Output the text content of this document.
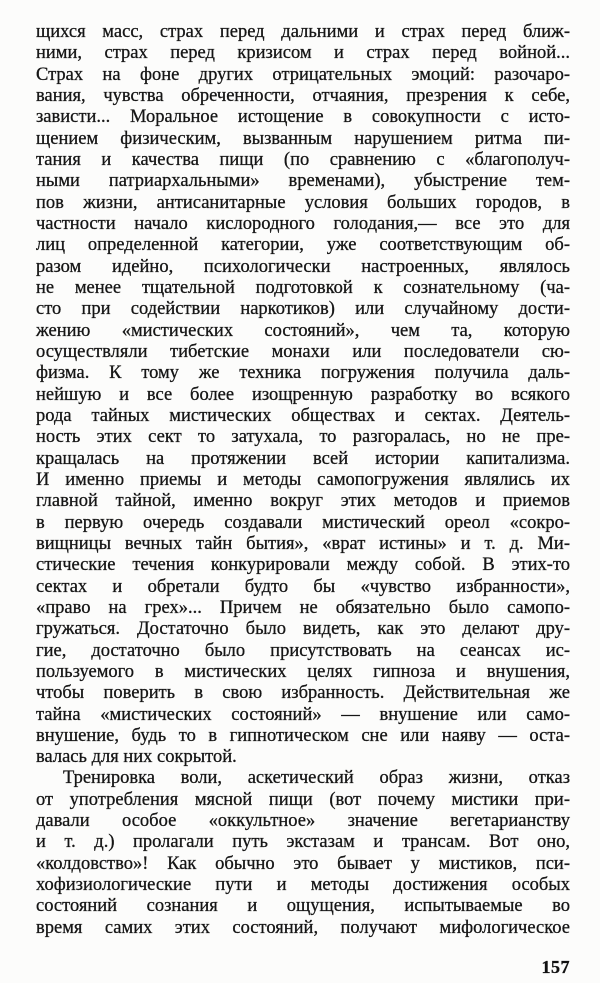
щихся масс, страх перед дальними и страх перед ближ-
ними, страх перед кризисом и страх перед войной...
Страх на фоне других отрицательных эмоций: разочаро-
вания, чувства обреченности, отчаяния, презрения к себе,
зависти... Моральное истощение в совокупности с исто-
щением физическим, вызванным нарушением ритма пи-
тания и качества пищи (по сравнению с «благополуч-
ными патриархальными» временами), убыстрение тем-
пов жизни, антисанитарные условия больших городов, в
частности начало кислородного голодания,— все это для
лиц определенной категории, уже соответствующим об-
разом идейно, психологически настроенных, являлось
не менее тщательной подготовкой к сознательному (ча-
сто при содействии наркотиков) или случайному дости-
жению «мистических состояний», чем та, которую
осуществляли тибетские монахи или последователи сю-
физма. К тому же техника погружения получила даль-
нейшую и все более изощренную разработку во всякого
рода тайных мистических обществах и сектах. Деятель-
ность этих сект то затухала, то разгоралась, но не пре-
кращалась на протяжении всей истории капитализма.
И именно приемы и методы самопогружения являлись их
главной тайной, именно вокруг этих методов и приемов
в первую очередь создавали мистический ореол «сокро-
вищницы вечных тайн бытия», «врат истины» и т. д. Ми-
стические течения конкурировали между собой. В этих-то
сектах и обретали будто бы «чувство избранности»,
«право на грех»... Причем не обязательно было самопо-
гружаться. Достаточно было видеть, как это делают дру-
гие, достаточно было присутствовать на сеансах ис-
пользуемого в мистических целях гипноза и внушения,
чтобы поверить в свою избранность. Действительная же
тайна «мистических состояний» — внушение или само-
внушение, будь то в гипнотическом сне или наяву — оста-
валась для них сокрытой.
Тренировка воли, аскетический образ жизни, отказ
от употребления мясной пищи (вот почему мистики при-
давали особое «оккультное» значение вегетарианству
и т. д.) пролагали путь экстазам и трансам. Вот оно,
«колдовство»! Как обычно это бывает у мистиков, пси-
хофизиологические пути и методы достижения особых
состояний сознания и ощущения, испытываемые во
время самих этих состояний, получают мифологическое
157
